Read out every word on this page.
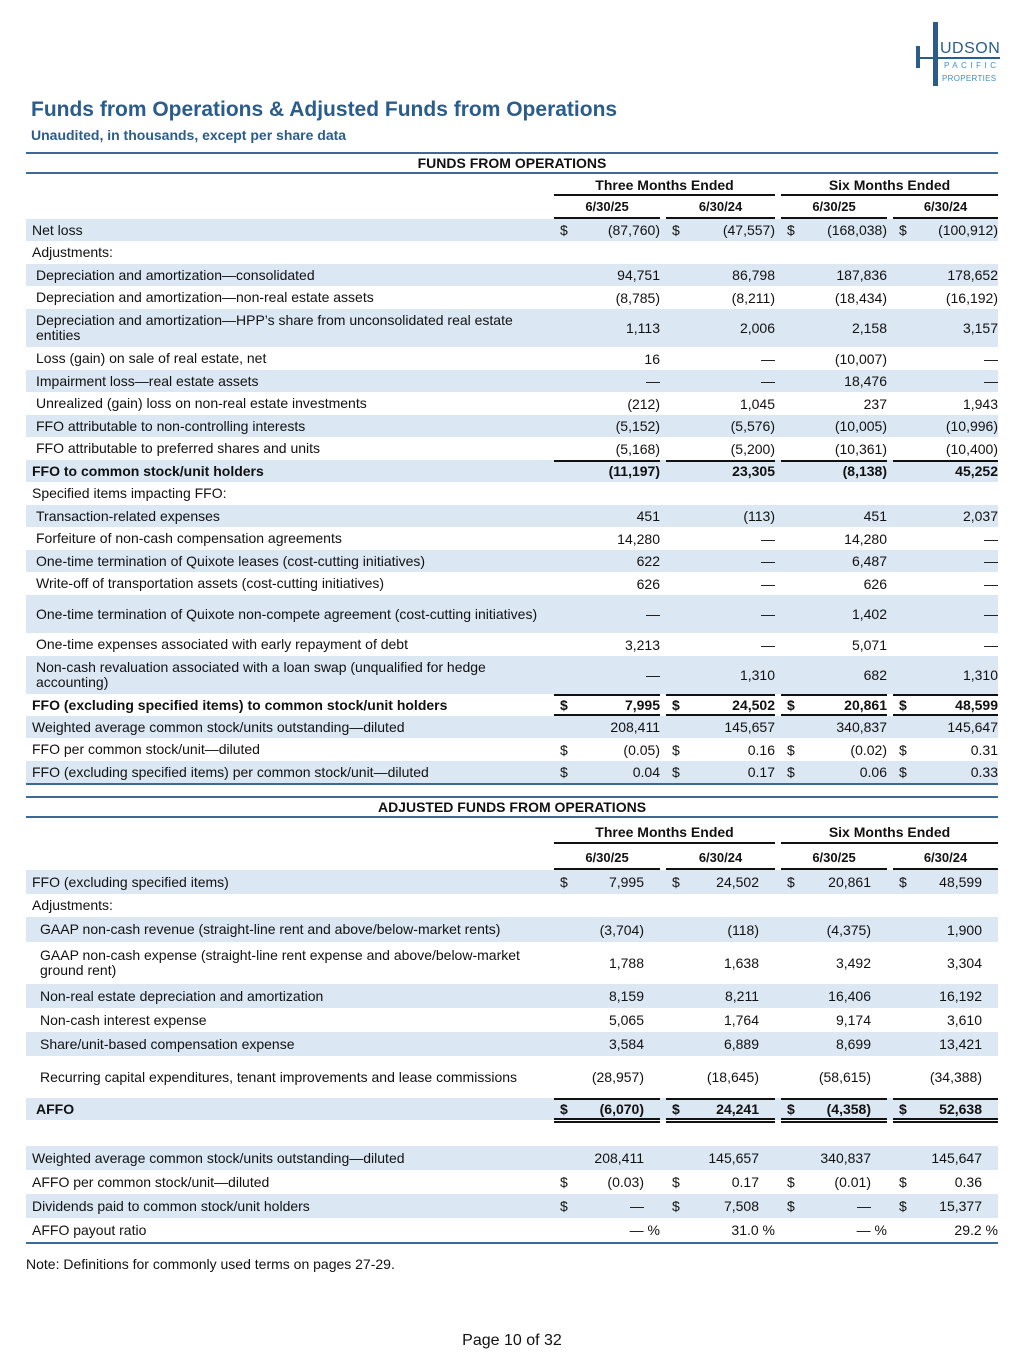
UDSON
PACIFIC
PROPERTIES
Funds from Operations & Adjusted Funds from Operations
Unaudited, in thousands, except per share data
FUNDS FROM OPERATIONS
Three Months Ended	Six Months Ended
6/30/25	6/30/24	6/30/25	6/30/24
Net loss	$	(87,760) $	(47,557) $	(168,038) $	(100,912)
Adjustments:
Depreciation and amortization—consolidated	94,751	86,798	187,836	178,652
Depreciation and amortization—non-real estate assets	(8,785)	(8,211)	(18,434)	(16,192)
Depreciation and amortization—HPP’s share from unconsolidated real estate entities	1,113	2,006	2,158	3,157
Loss (gain) on sale of real estate, net	16	—	(10,007)	—
Impairment loss—real estate assets	—	—	18,476	—
Unrealized (gain) loss on non-real estate investments	(212)	1,045	237	1,943
FFO attributable to non-controlling interests	(5,152)	(5,576)	(10,005)	(10,996)
FFO attributable to preferred shares and units	(5,168)	(5,200)	(10,361)	(10,400)
FFO to common stock/unit holders	(11,197)	23,305	(8,138)	45,252
Specified items impacting FFO:
Transaction-related expenses	451	(113)	451	2,037
Forfeiture of non-cash compensation agreements	14,280	—	14,280	—
One-time termination of Quixote leases (cost-cutting initiatives)	622	—	6,487	—
Write-off of transportation assets (cost-cutting initiatives)	626	—	626	—
One-time termination of Quixote non-compete agreement (cost-cutting initiatives)	—	—	1,402	—
One-time expenses associated with early repayment of debt	3,213	—	5,071	—
Non-cash revaluation associated with a loan swap (unqualified for hedge accounting)	—	1,310	682	1,310
FFO (excluding specified items) to common stock/unit holders	$	7,995 $	24,502 $	20,861 $	48,599
Weighted average common stock/units outstanding—diluted	208,411	145,657	340,837	145,647
FFO per common stock/unit—diluted	$	(0.05) $	0.16 $	(0.02) $	0.31
FFO (excluding specified items) per common stock/unit—diluted	$	0.04 $	0.17 $	0.06 $	0.33
ADJUSTED FUNDS FROM OPERATIONS
Three Months Ended	Six Months Ended
6/30/25	6/30/24	6/30/25	6/30/24
FFO (excluding specified items)	$	7,995 $	24,502 $	20,861 $	48,599
Adjustments:
GAAP non-cash revenue (straight-line rent and above/below-market rents)	(3,704)	(118)	(4,375)	1,900
GAAP non-cash expense (straight-line rent expense and above/below-market ground rent)	1,788	1,638	3,492	3,304
Non-real estate depreciation and amortization	8,159	8,211	16,406	16,192
Non-cash interest expense	5,065	1,764	9,174	3,610
Share/unit-based compensation expense	3,584	6,889	8,699	13,421
Recurring capital expenditures, tenant improvements and lease commissions	(28,957)	(18,645)	(58,615)	(34,388)
AFFO	$	(6,070) $	24,241 $	(4,358) $	52,638
Weighted average common stock/units outstanding—diluted	208,411	145,657	340,837	145,647
AFFO per common stock/unit—diluted	$	(0.03) $	0.17 $	(0.01) $	0.36
Dividends paid to common stock/unit holders	$	— $	7,508 $	— $	15,377
AFFO payout ratio	— %	31.0 %	— %	29.2 %
Note: Definitions for commonly used terms on pages 27-29.
Page 10 of 32
